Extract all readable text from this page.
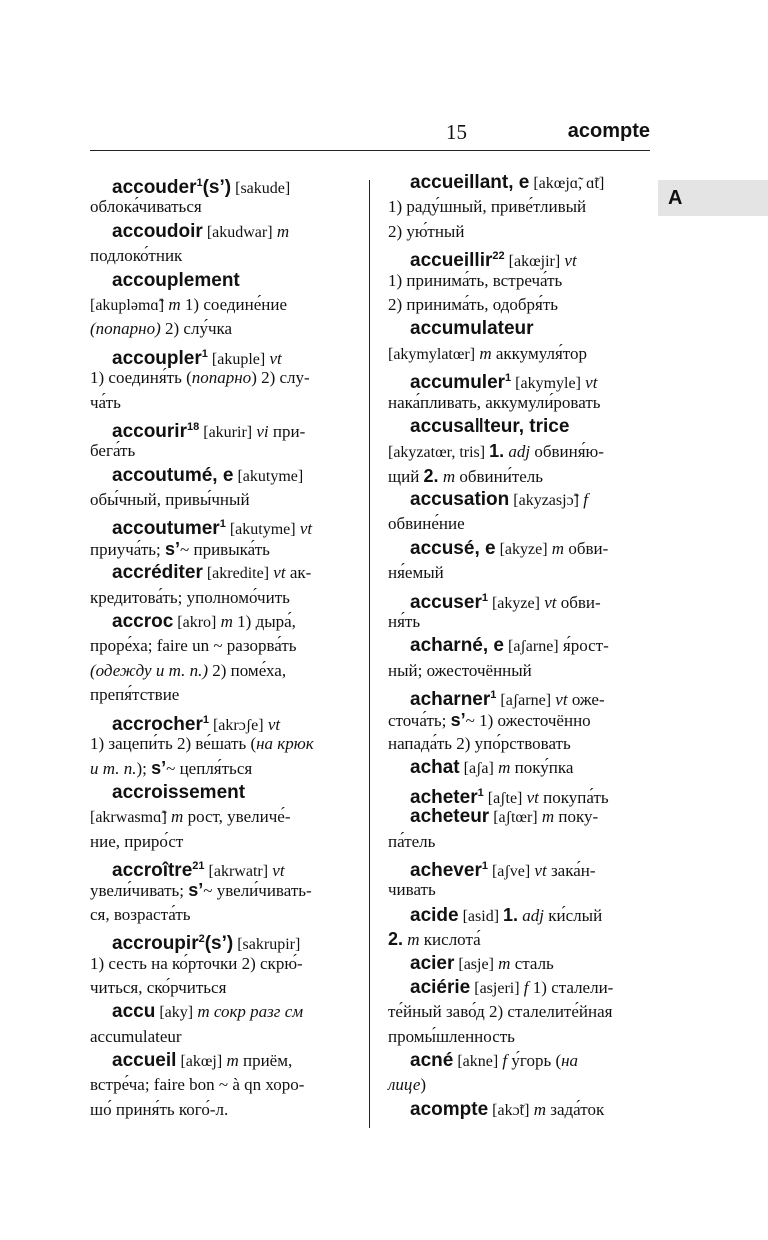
15	acompte
A
accouder$^1$(s’) [sakude]
облока́чиваться
accoudoir [akudwar] m
подлоко́тник
accouplement
[akupləmɑ̃] m 1) соедине́ние
(попарно) 2) слу́чка
accoupler$^1$ [akuple] vt
1) соединя́ть (попарно) 2) слу-
ча́ть
accourir$^{18}$ [akurir] vi при-
бега́ть
accoutumé, e [akutyme]
обы́чный, привы́чный
accoutumer$^1$ [akutyme] vt
приуча́ть; s’~ привыка́ть
accréditer [akredite] vt ак-
кредитова́ть; уполномо́чить
accroc [akro] m 1) дыра́,
проре́ха; faire un ~ разорва́ть
(одежду и т. п.) 2) поме́ха,
препя́тствие
accrocher$^1$ [akrɔʃe] vt
1) зацепи́ть 2) ве́шать (на крюк
и т. п.); s’~ цепля́ться
accroissement
[akrwasmɑ̃] m рост, увеличе́-
ние, приро́ст
accroître$^{21}$ [akrwatr] vt
увели́чивать; s’~ увели́чивать-
ся, возраста́ть
accroupir$^2$(s’) [sakrupir]
1) сесть на ко́рточки 2) скрю́-
читься, ско́рчиться
accu [aky] m сокр разг см
accumulateur
accueil [akœj] m приём,
встре́ча; faire bon ~ à qn хоро-
шо́ приня́ть кого́-л.
accueillant, e [akœjɑ̃, ɑ̃t]
1) раду́шный, приве́тливый
2) ую́тный
accueillir$^{22}$ [akœjir] vt
1) принима́ть, встреча́ть
2) принима́ть, одобря́ть
accumulateur
[akymylatœr] m аккумуля́тор
accumuler$^1$ [akymyle] vt
нака́пливать, аккумули́ровать
accusa‖teur, trice
[akyzatœr, tris] 1. adj обвиня́ю-
щий 2. m обвини́тель
accusation [akyzasjɔ̃] f
обвине́ние
accusé, e [akyze] m обви-
ня́емый
accuser$^1$ [akyze] vt обви-
ня́ть
acharné, e [aʃarne] я́рост-
ный; ожесточённый
acharner$^1$ [aʃarne] vt оже-
сточа́ть; s’~ 1) ожесточённо
напада́ть 2) упо́рствовать
achat [aʃa] m поку́пка
acheter$^1$ [aʃte] vt покупа́ть
acheteur [aʃtœr] m поку-
па́тель
achever$^1$ [aʃve] vt зака́н-
чивать
acide [asid] 1. adj ки́слый
2. m кислота́
acier [asje] m сталь
aciérie [asjeri] f 1) сталели-
те́йный заво́д 2) сталелите́йная
промы́шленность
acné [akne] f у́горь (на
лице)
acompte [akɔ̃t] m зада́ток
